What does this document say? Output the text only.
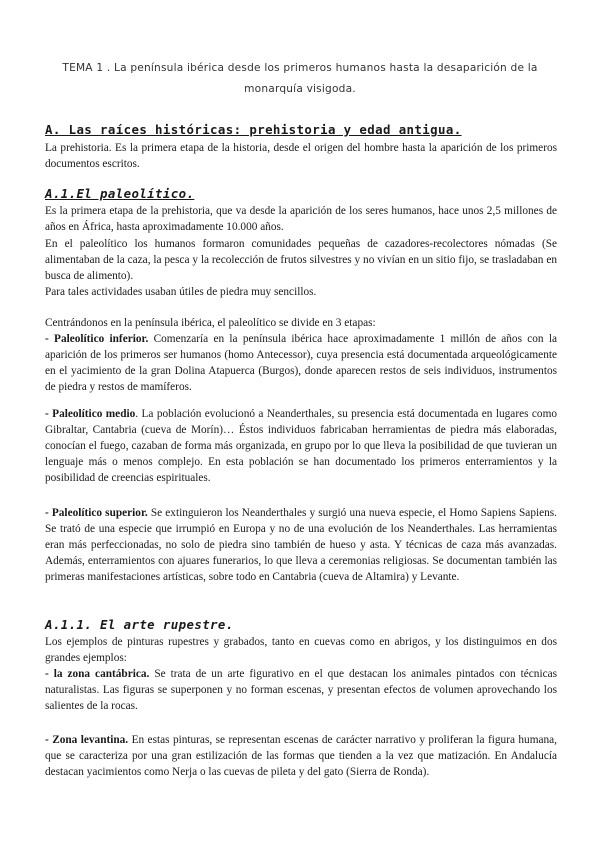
TEMA 1 . La península ibérica desde los primeros humanos hasta la desaparición de la monarquía visigoda.
A. Las raíces históricas: prehistoria y edad antigua.
La prehistoria. Es la primera etapa de la historia, desde el origen del hombre hasta la aparición de los primeros documentos escritos.
A.1.El paleolítico.
Es la primera etapa de la prehistoria, que va desde la aparición de los seres humanos, hace unos 2,5 millones de años en África, hasta aproximadamente 10.000 años.
En el paleolítico los humanos formaron comunidades pequeñas de cazadores-recolectores nómadas (Se alimentaban de la caza, la pesca y la recolección de frutos silvestres y no vivían en un sitio fijo, se trasladaban en busca de alimento).
Para tales actividades usaban útiles de piedra muy sencillos.
Centrándonos en la península ibérica, el paleolítico se divide en 3 etapas:
- Paleolítico inferior. Comenzaría en la península ibérica hace aproximadamente 1 millón de años con la aparición de los primeros ser humanos (homo Antecessor), cuya presencia está documentada arqueológicamente en el yacimiento de la gran Dolina Atapuerca (Burgos), donde aparecen restos de seis individuos, instrumentos de piedra y restos de mamíferos.
- Paleolítico medio. La población evolucionó a Neanderthales, su presencia está documentada en lugares como Gibraltar, Cantabria (cueva de Morín)… Éstos individuos fabricaban herramientas de piedra más elaboradas, conocían el fuego, cazaban de forma más organizada, en grupo por lo que lleva la posibilidad de que tuvieran un lenguaje más o menos complejo. En esta población se han documentado los primeros enterramientos y la posibilidad de creencias espirituales.
- Paleolítico superior. Se extinguieron los Neanderthales y surgió una nueva especie, el Homo Sapiens Sapiens. Se trató de una especie que irrumpió en Europa y no de una evolución de los Neanderthales. Las herramientas eran más perfeccionadas, no solo de piedra sino también de hueso y asta. Y técnicas de caza más avanzadas. Además, enterramientos con ajuares funerarios, lo que lleva a ceremonias religiosas. Se documentan también las primeras manifestaciones artísticas, sobre todo en Cantabria (cueva de Altamira) y Levante.
A.1.1. El arte rupestre.
Los ejemplos de pinturas rupestres y grabados, tanto en cuevas como en abrigos, y los distinguimos en dos grandes ejemplos:
- la zona cantábrica. Se trata de un arte figurativo en el que destacan los animales pintados con técnicas naturalistas. Las figuras se superponen y no forman escenas, y presentan efectos de volumen aprovechando los salientes de la rocas.
- Zona levantina. En estas pinturas, se representan escenas de carácter narrativo y proliferan la figura humana, que se caracteriza por una gran estilización de las formas que tienden a la vez que matización. En Andalucía destacan yacimientos como Nerja o las cuevas de pileta y del gato (Sierra de Ronda).
